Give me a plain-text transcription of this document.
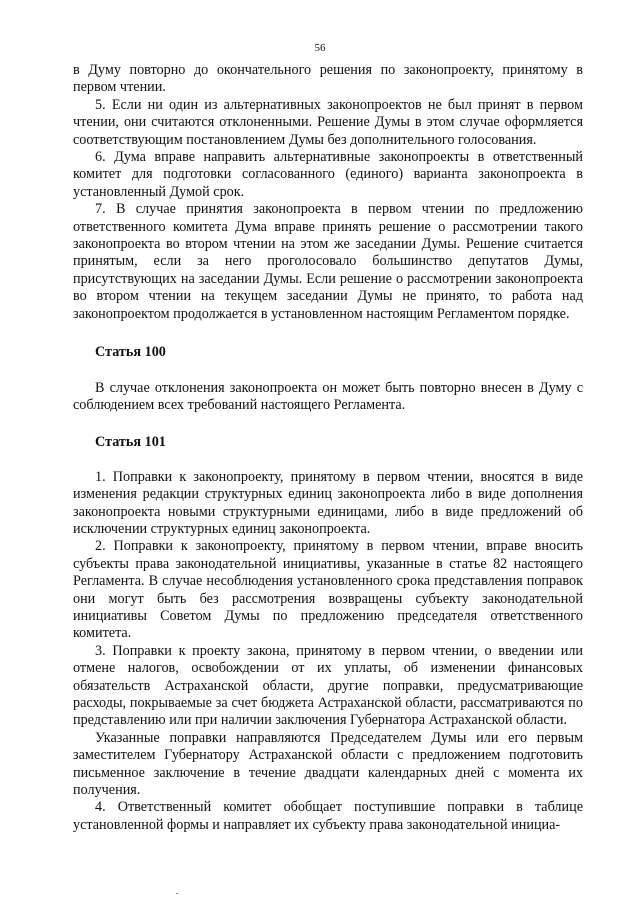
56

в Думу повторно до окончательного решения по законопроекту, принятому в первом чтении.

5. Если ни один из альтернативных законопроектов не был принят в первом чтении, они считаются отклоненными. Решение Думы в этом случае оформляется соответствующим постановлением Думы без дополнительного голосования.

6. Дума вправе направить альтернативные законопроекты в ответственный комитет для подготовки согласованного (единого) варианта законопроекта в установленный Думой срок.

7. В случае принятия законопроекта в первом чтении по предложению ответственного комитета Дума вправе принять решение о рассмотрении такого законопроекта во втором чтении на этом же заседании Думы. Решение считается принятым, если за него проголосовало большинство депутатов Думы, присутствующих на заседании Думы. Если решение о рассмотрении законопроекта во втором чтении на текущем заседании Думы не принято, то работа над законопроектом продолжается в установленном настоящим Регламентом порядке.

Статья 100

В случае отклонения законопроекта он может быть повторно внесен в Думу с соблюдением всех требований настоящего Регламента.

Статья 101

1. Поправки к законопроекту, принятому в первом чтении, вносятся в виде изменения редакции структурных единиц законопроекта либо в виде дополнения законопроекта новыми структурными единицами, либо в виде предложений об исключении структурных единиц законопроекта.

2. Поправки к законопроекту, принятому в первом чтении, вправе вносить субъекты права законодательной инициативы, указанные в статье 82 настоящего Регламента. В случае несоблюдения установленного срока представления поправок они могут быть без рассмотрения возвращены субъекту законодательной инициативы Советом Думы по предложению председателя ответственного комитета.

3. Поправки к проекту закона, принятому в первом чтении, о введении или отмене налогов, освобождении от их уплаты, об изменении финансовых обязательств Астраханской области, другие поправки, предусматривающие расходы, покрываемые за счет бюджета Астраханской области, рассматриваются по представлению или при наличии заключения Губернатора Астраханской области.

Указанные поправки направляются Председателем Думы или его первым заместителем Губернатору Астраханской области с предложением подготовить письменное заключение в течение двадцати календарных дней с момента их получения.

4. Ответственный комитет обобщает поступившие поправки в таблице установленной формы и направляет их субъекту права законодательной инициа-
